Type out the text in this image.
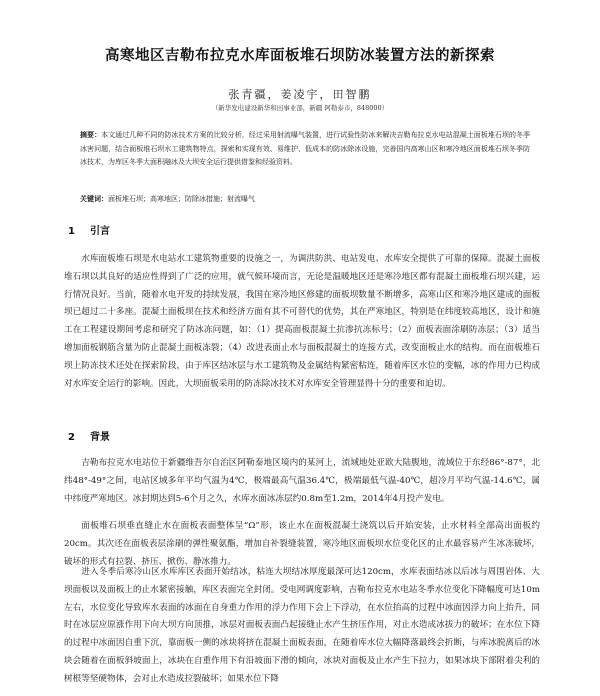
高寒地区吉勒布拉克水库面板堆石坝防冰装置方法的新探索
张青疆，姜凌宇，田智鹏
（新华发电建设新华和田事业部，新疆 阿勒泰市，848000）
摘要：本文通过几种不同的防冰技术方案的比较分析，经过采用射流曝气装置，进行试验性防冰来解决吉勒布拉克水电站混凝土面板堆石坝的冬季冰害问题，结合面板堆石坝水工建筑物特点，探索和实现有效、易维护、低成本的防冰除冰设施，完善国内高寒山区和寒冷地区面板堆石坝冬季防冰技术，为库区冬季大面积融冰及大坝安全运行提供借鉴和经验资料。
关键词：面板堆石坝；高寒地区；防除冰措施；射流曝气
1 引言
水库面板堆石坝是水电站水工建筑物重要的设施之一，为调洪防洪、电站发电、水库安全提供了可靠的保障。混凝土面板堆石坝以其良好的适应性得到了广泛的应用，就气候环境而言，无论是温暖地区还是寒冷地区都有混凝土面板堆石坝兴建，运行情况良好。当前，随着水电开发的持续发展，我国在寒冷地区修建的面板坝数量不断增多，高寒山区和寒冷地区建成的面板坝已超过二十多座。混凝土面板坝在技术和经济方面有其不可替代的优势，其在严寒地区，特别是在纬度较高地区，设计和施工在工程建设期间考虑和研究了防冰冻问题，如：（1）提高面板混凝土抗渗抗冻标号；（2）面板表面涂刷防冻层；（3）适当增加面板钢筋含量为防止混凝土面板冻裂；（4）改进表面止水与面板混凝土的连接方式，改变面板止水的结构。而在面板堆石坝上防冻技术还处在探索阶段，由于库区结冰层与水工建筑物及金属结构紧密粘连，随着库区水位的变幅，冰的作用力已构成对水库安全运行的影响。因此，大坝面板采用的防冻除冰技术对水库安全管理显得十分的重要和迫切。
2 背景
吉勒布拉克水电站位于新疆维吾尔自治区阿勒泰地区境内的某河上，流域地处亚欧大陆腹地，流域位于东经86°-87°，北纬48°-49°之间，电站区域多年平均气温为4℃，极端最高气温36.4℃，极端最低气温-40℃，超冷月平均气温-14.6℃，属中纬度严寒地区。冰封期达到5-6个月之久，水库水面冰冻层约0.8m至1.2m，2014年4月投产发电。
面板堆石坝垂直缝止水在面板表面整体呈“Ω”形，该止水在面板混凝土浇筑以后开始安装，止水材料全部高出面板约20cm。其次还在面板表层涂刷的弹性聚氨酯，增加自补裂缝装置，寒冷地区面板坝水位变化区的止水最容易产生冰冻破坏，破坏的形式有拉裂、挤压、掀伤、静冰推力。
进入冬季后寒冷山区水库库区表面开始结冰，粘连大坝结冰厚度最深可达120cm，水库表面结冰以后冰与周围岩体、大坝面板以及面板上的止水紧密接触，库区表面完全封闭。受电网调度影响，吉勒布拉克水电站冬季水位变化下降幅度可达10m左右，水位变化导致库水表面的冰面在自身重力作用的浮力作用下会上下浮动，在水位抬高的过程中冰面因浮力向上抬升，同时在冰层应原涨作用下向大坝方向顶推，冰层对面板表面凸起接缝止水产生挤压作用，对止水造成冰拔力的破坏；在水位下降的过程中冰面因自重下沉，靠面板一侧的冰块将挤在混凝土面板表面，在随着库水位大幅降落最终会折断，与库冰脱离后的冰块会随着在面板斜坡面上，冰块在自重作用下有沿坡面下滑的倾向，冰块对面板及止水产生下拉力，如果冰块下部附着尖利的树根等坚硬物体，会对止水造成拉裂破坏；如果水位下降
